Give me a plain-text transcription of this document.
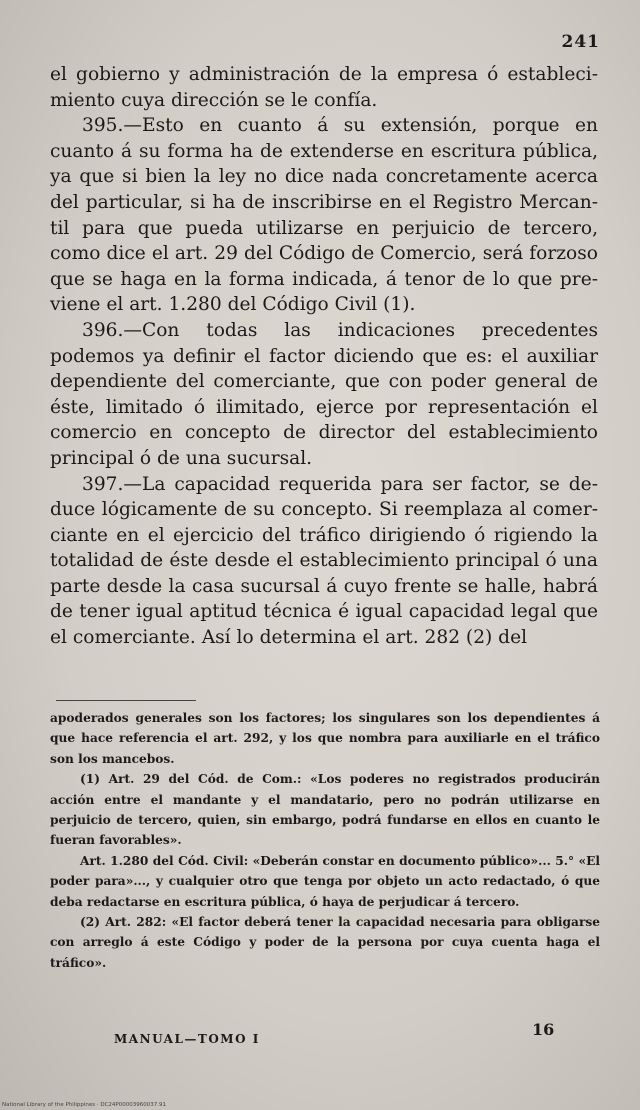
241

el gobierno y administración de la empresa ó establecimiento cuya dirección se le confía.

395.—Esto en cuanto á su extensión, porque en cuanto á su forma ha de extenderse en escritura pública, ya que si bien la ley no dice nada concretamente acerca del particular, si ha de inscribirse en el Registro Mercantil para que pueda utilizarse en perjuicio de tercero, como dice el art. 29 del Código de Comercio, será forzoso que se haga en la forma indicada, á tenor de lo que previene el art. 1.280 del Código Civil (1).

396.—Con todas las indicaciones precedentes podemos ya definir el factor diciendo que es: el auxiliar dependiente del comerciante, que con poder general de éste, limitado ó ilimitado, ejerce por representación el comercio en concepto de director del establecimiento principal ó de una sucursal.

397.—La capacidad requerida para ser factor, se deduce lógicamente de su concepto. Si reemplaza al comerciante en el ejercicio del tráfico dirigiendo ó rigiendo la totalidad de éste desde el establecimiento principal ó una parte desde la casa sucursal á cuyo frente se halle, habrá de tener igual aptitud técnica é igual capacidad legal que el comerciante. Así lo determina el art. 282 (2) del

apoderados generales son los factores; los singulares son los dependientes á que hace referencia el art. 292, y los que nombra para auxiliarle en el tráfico son los mancebos.

(1) Art. 29 del Cód. de Com.: «Los poderes no registrados producirán acción entre el mandante y el mandatario, pero no podrán utilizarse en perjuicio de tercero, quien, sin embargo, podrá fundarse en ellos en cuanto le fueran favorables».

Art. 1.280 del Cód. Civil: «Deberán constar en documento público»... 5.° «El poder para»..., y cualquier otro que tenga por objeto un acto redactado, ó que deba redactarse en escritura pública, ó haya de perjudicar á tercero.

(2) Art. 282: «El factor deberá tener la capacidad necesaria para obligarse con arreglo á este Código y poder de la persona por cuya cuenta haga el tráfico».

MANUAL—TOMO I	16
National Library of the Philippines · DC24P00003960037.91
